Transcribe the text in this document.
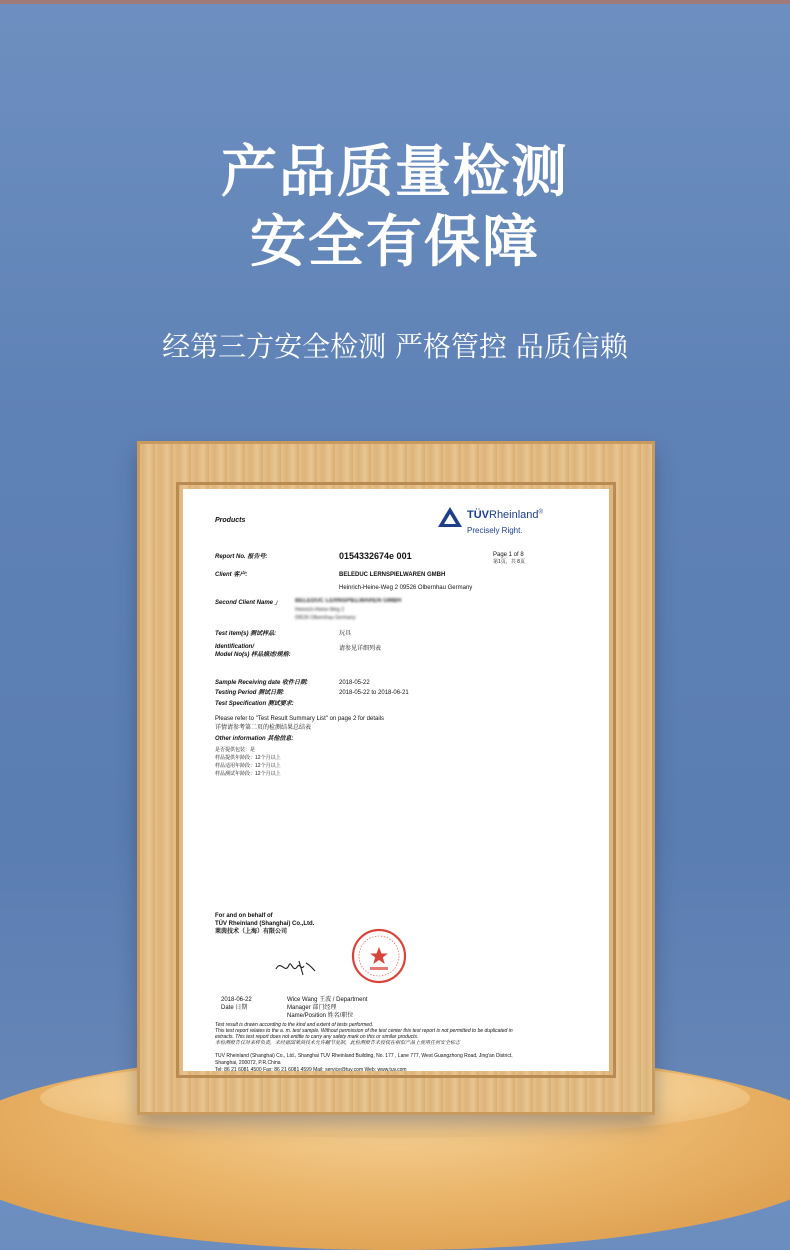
产品质量检测
安全有保障
经第三方安全检测 严格管控 品质信赖
Products	TÜVRheinland®
Precisely Right.
Report No. 报告号:	0154332674e 001	Page 1 of 8
第1页，共 8页
Client 客户:	BELEDUC LERNSPIELWAREN GMBH
Heinrich-Heine-Weg 2 09526 Olbernhau Germany
Second Client Name 」 BELEDUC LERNSPIELWAREN GMBH
Heinrich-Heine-Weg 2
09526 Olbernhau Germany
Test item(s) 测试样品:	玩具
Identification/
Model No(s) 样品描述/规格:
请参见详细列表
Sample Receiving date 收件日期:	2018-05-22
Testing Period 测试日期:	2018-05-22 to 2018-06-21
Test Specification 测试要求:
Please refer to "Test Result Summary List" on page 2 for details
详情请参考第二页的检测结果总结表
Other information 其他信息:
是否提供包装：是
样品提供年龄段：12个月以上
样品适用年龄段：12个月以上
样品测试年龄段：12个月以上
For and on behalf of
TÜV Rheinland (Shanghai) Co.,Ltd.
莱茵技术（上海）有限公司
2018-06-22
Date 日期
Wice Wang 王波 / Department
Manager 部门经理
Name/Position 姓名/职位
Test result is drawn according to the kind and extent of tests performed.
This test report relates to the a. m. test sample. Without permission of the test center this test report is not permitted to be duplicated in
extracts. This test report does not entitle to carry any safety mark on this or similar products.
本检测报告仅对来样负责，未经德国莱茵技术允许翻节复制，此检测报告未授权在相似产品上使用任何安全标志
TÜV Rheinland (Shanghai) Co., Ltd., Shanghai TÜV Rheinland Building, No. 177 , Lane 777, West Guangzhong Road, Jing'an District,
Shanghai, 200072, P.R.China
Tel: 86 21 6081 4500 Fax: 86 21 6081 4599 Mail: service@tuv.com Web: www.tuv.com
